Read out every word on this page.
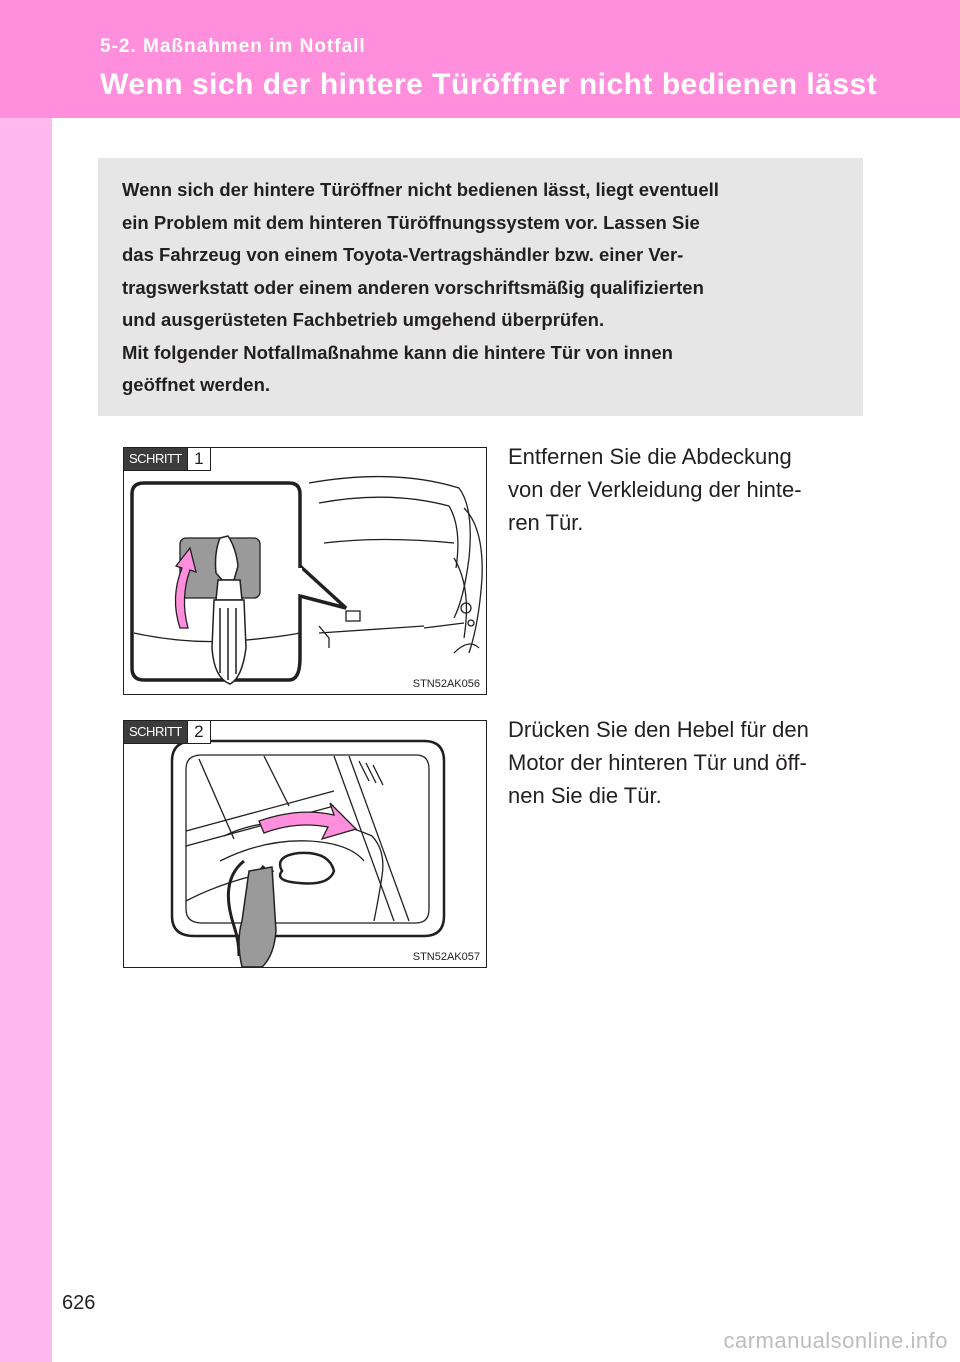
5-2. Maßnahmen im Notfall
Wenn sich der hintere Türöffner nicht bedienen lässt

Wenn sich der hintere Türöffner nicht bedienen lässt, liegt eventuell
ein Problem mit dem hinteren Türöffnungssystem vor. Lassen Sie
das Fahrzeug von einem Toyota-Vertragshändler bzw. einer Ver-
tragswerkstatt oder einem anderen vorschriftsmäßig qualifizierten
und ausgerüsteten Fachbetrieb umgehend überprüfen.
Mit folgender Notfallmaßnahme kann die hintere Tür von innen
geöffnet werden.

SCHRITT 1
STN52AK056

Entfernen Sie die Abdeckung
von der Verkleidung der hinte-
ren Tür.

SCHRITT 2
STN52AK057

Drücken Sie den Hebel für den
Motor der hinteren Tür und öff-
nen Sie die Tür.

626
carmanualsonline.info
